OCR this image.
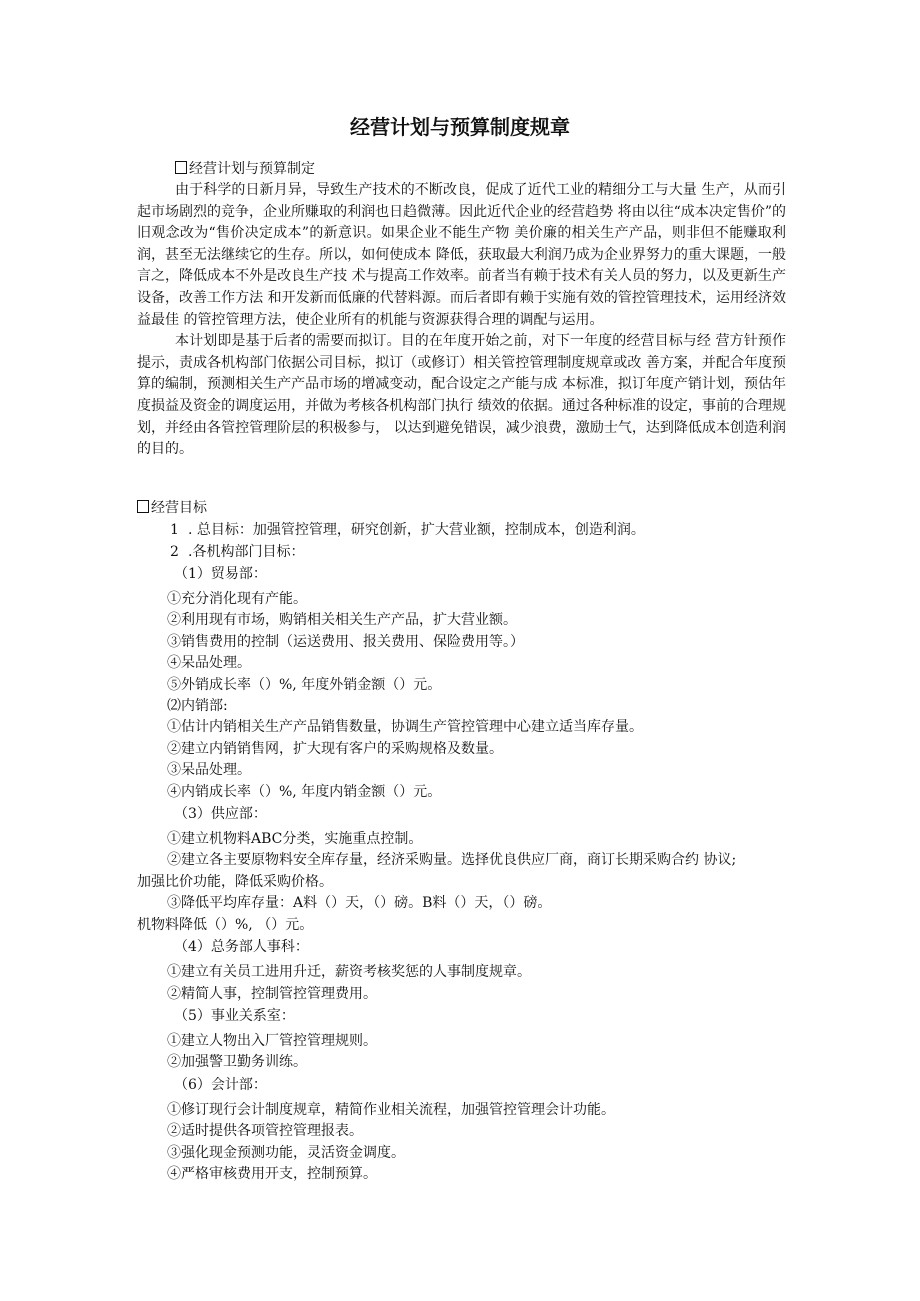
经营计划与预算制度规章

经营计划与预算制定

由于科学的日新月异，导致生产技术的不断改良，促成了近代工业的精细分工与大量 生产，从而引起市场剧烈的竞争，企业所赚取的利润也日趋微薄。因此近代企业的经营趋势 将由以往“成本决定售价”的旧观念改为“售价决定成本”的新意识。如果企业不能生产物 美价廉的相关生产产品，则非但不能赚取利润，甚至无法继续它的生存。所以，如何使成本 降低，获取最大利润乃成为企业界努力的重大课题，一般言之，降低成本不外是改良生产技 术与提高工作效率。前者当有赖于技术有关人员的努力，以及更新生产设备，改善工作方法 和开发新而低廉的代替料源。而后者即有赖于实施有效的管控管理技术，运用经济效益最佳 的管控管理方法，使企业所有的机能与资源获得合理的调配与运用。

本计划即是基于后者的需要而拟订。目的在年度开始之前，对下一年度的经营目标与经 营方针预作提示，责成各机构部门依据公司目标，拟订（或修订）相关管控管理制度规章或改 善方案，并配合年度预算的编制，预测相关生产产品市场的增减变动，配合设定之产能与成 本标准，拟订年度产销计划，预估年度损益及资金的调度运用，并做为考核各机构部门执行 绩效的依据。通过各种标准的设定，事前的合理规划，并经由各管控管理阶层的积极参与， 以达到避免错误，减少浪费，激励士气，达到降低成本创造利润的目的。

经营目标

1 . 总目标：加强管控管理，研究创新，扩大营业额，控制成本，创造利润。

2 .各机构部门目标：

（1）贸易部：

①充分消化现有产能。

②利用现有市场，购销相关相关生产产品，扩大营业额。

③销售费用的控制（运送费用、报关费用、保险费用等。）

④呆品处理。

⑤外销成长率（）%, 年度外销金额（）元。

⑵内销部:

①估计内销相关生产产品销售数量，协调生产管控管理中心建立适当库存量。

②建立内销销售网，扩大现有客户的采购规格及数量。

③呆品处理。

④内销成长率（）%, 年度内销金额（）元。

（3）供应部：

①建立机物料ABC分类，实施重点控制。

②建立各主要原物料安全库存量，经济采购量。选择优良供应厂商，商订长期采购合约 协议;

加强比价功能，降低采购价格。

③降低平均库存量：A料（）天，（）磅。B料（）天，（）磅。

机物料降低（）%, （）元。

（4）总务部人事科：

①建立有关员工进用升迁，薪资考核奖惩的人事制度规章。

②精简人事，控制管控管理费用。

（5）事业关系室：

①建立人物出入厂管控管理规则。

②加强警卫勤务训练。

（6）会计部：

①修订现行会计制度规章，精简作业相关流程，加强管控管理会计功能。

②适时提供各项管控管理报表。

③强化现金预测功能，灵活资金调度。

④严格审核费用开支，控制预算。
